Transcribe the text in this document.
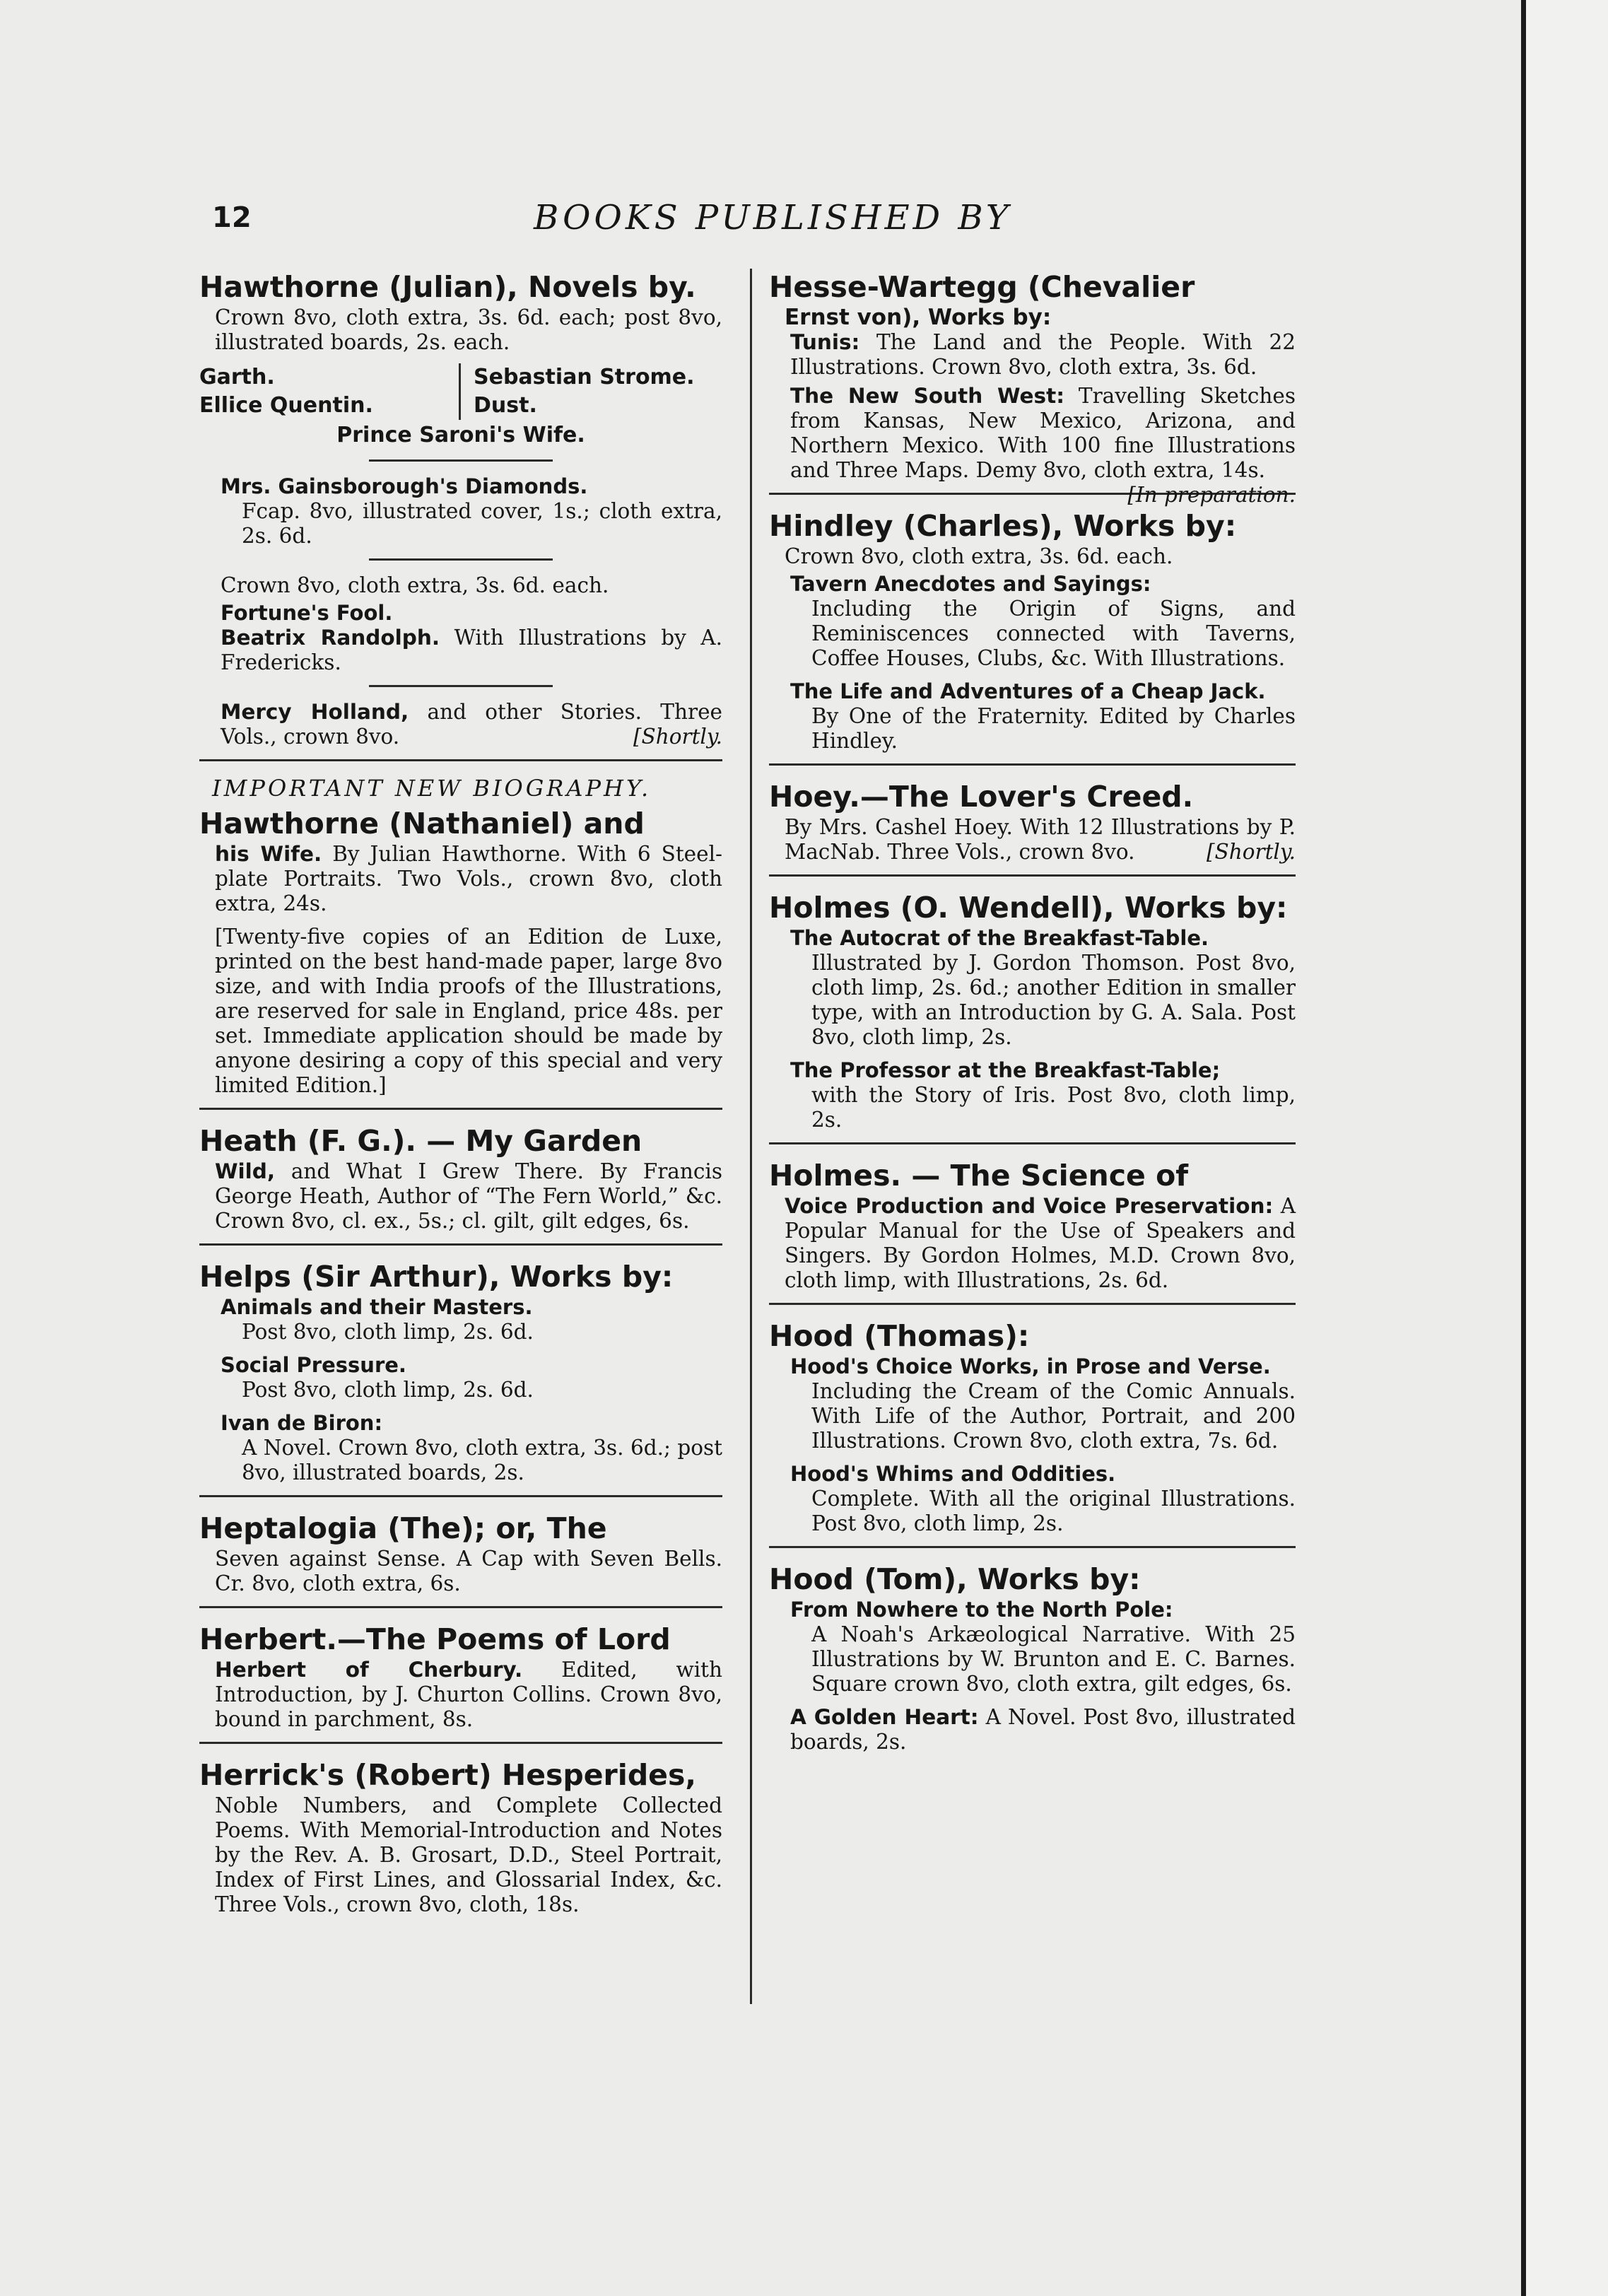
12	BOOKS PUBLISHED BY

Hawthorne (Julian), Novels by.

Crown 8vo, cloth extra, 3s. 6d. each; post 8vo, illustrated boards, 2s. each.

Garth.	Sebastian Strome.
Ellice Quentin.	Dust.
Prince Saroni's Wife.

Mrs. Gainsborough's Diamonds.

Fcap. 8vo, illustrated cover, 1s.; cloth extra, 2s. 6d.

Crown 8vo, cloth extra, 3s. 6d. each.

Fortune's Fool.

Beatrix Randolph. With Illustrations by A. Fredericks.

Mercy Holland, and other Stories. Three Vols., crown 8vo.	[Shortly.

IMPORTANT NEW BIOGRAPHY.

Hawthorne (Nathaniel) and

his Wife. By Julian Hawthorne. With 6 Steel-plate Portraits. Two Vols., crown 8vo, cloth extra, 24s.

[Twenty-five copies of an Edition de Luxe, printed on the best hand-made paper, large 8vo size, and with India proofs of the Illustrations, are reserved for sale in England, price 48s. per set. Immediate application should be made by anyone desiring a copy of this special and very limited Edition.]

Heath (F. G.). — My Garden

Wild, and What I Grew There. By Francis George Heath, Author of “The Fern World,” &c. Crown 8vo, cl. ex., 5s.; cl. gilt, gilt edges, 6s.

Helps (Sir Arthur), Works by:

Animals and their Masters.

Post 8vo, cloth limp, 2s. 6d.

Social Pressure.

Post 8vo, cloth limp, 2s. 6d.

Ivan de Biron:

A Novel. Crown 8vo, cloth extra, 3s. 6d.; post 8vo, illustrated boards, 2s.

Heptalogia (The); or, The

Seven against Sense. A Cap with Seven Bells. Cr. 8vo, cloth extra, 6s.

Herbert.—The Poems of Lord

Herbert of Cherbury. Edited, with Introduction, by J. Churton Collins. Crown 8vo, bound in parchment, 8s.

Herrick's (Robert) Hesperides,

Noble Numbers, and Complete Collected Poems. With Memorial-Introduction and Notes by the Rev. A. B. Grosart, D.D., Steel Portrait, Index of First Lines, and Glossarial Index, &c. Three Vols., crown 8vo, cloth, 18s.

Hesse-Wartegg (Chevalier

Ernst von), Works by:

Tunis: The Land and the People. With 22 Illustrations. Crown 8vo, cloth extra, 3s. 6d.

The New South West: Travelling Sketches from Kansas, New Mexico, Arizona, and Northern Mexico. With 100 fine Illustrations and Three Maps. Demy 8vo, cloth extra, 14s.
[In preparation.

Hindley (Charles), Works by:

Crown 8vo, cloth extra, 3s. 6d. each.

Tavern Anecdotes and Sayings:

Including the Origin of Signs, and Reminiscences connected with Taverns, Coffee Houses, Clubs, &c. With Illustrations.

The Life and Adventures of a Cheap Jack.

By One of the Fraternity. Edited by Charles Hindley.

Hoey.—The Lover's Creed.

By Mrs. Cashel Hoey. With 12 Illustrations by P. MacNab. Three Vols., crown 8vo.	[Shortly.

Holmes (O. Wendell), Works by:

The Autocrat of the Breakfast-Table.

Illustrated by J. Gordon Thomson. Post 8vo, cloth limp, 2s. 6d.; another Edition in smaller type, with an Introduction by G. A. Sala. Post 8vo, cloth limp, 2s.

The Professor at the Breakfast-Table;

with the Story of Iris. Post 8vo, cloth limp, 2s.

Holmes. — The Science of

Voice Production and Voice Preservation: A Popular Manual for the Use of Speakers and Singers. By Gordon Holmes, M.D. Crown 8vo, cloth limp, with Illustrations, 2s. 6d.

Hood (Thomas):

Hood's Choice Works, in Prose and Verse.

Including the Cream of the Comic Annuals. With Life of the Author, Portrait, and 200 Illustrations. Crown 8vo, cloth extra, 7s. 6d.

Hood's Whims and Oddities.

Complete. With all the original Illustrations. Post 8vo, cloth limp, 2s.

Hood (Tom), Works by:

From Nowhere to the North Pole:

A Noah's Arkæological Narrative. With 25 Illustrations by W. Brunton and E. C. Barnes. Square crown 8vo, cloth extra, gilt edges, 6s.

A Golden Heart: A Novel. Post 8vo, illustrated boards, 2s.
